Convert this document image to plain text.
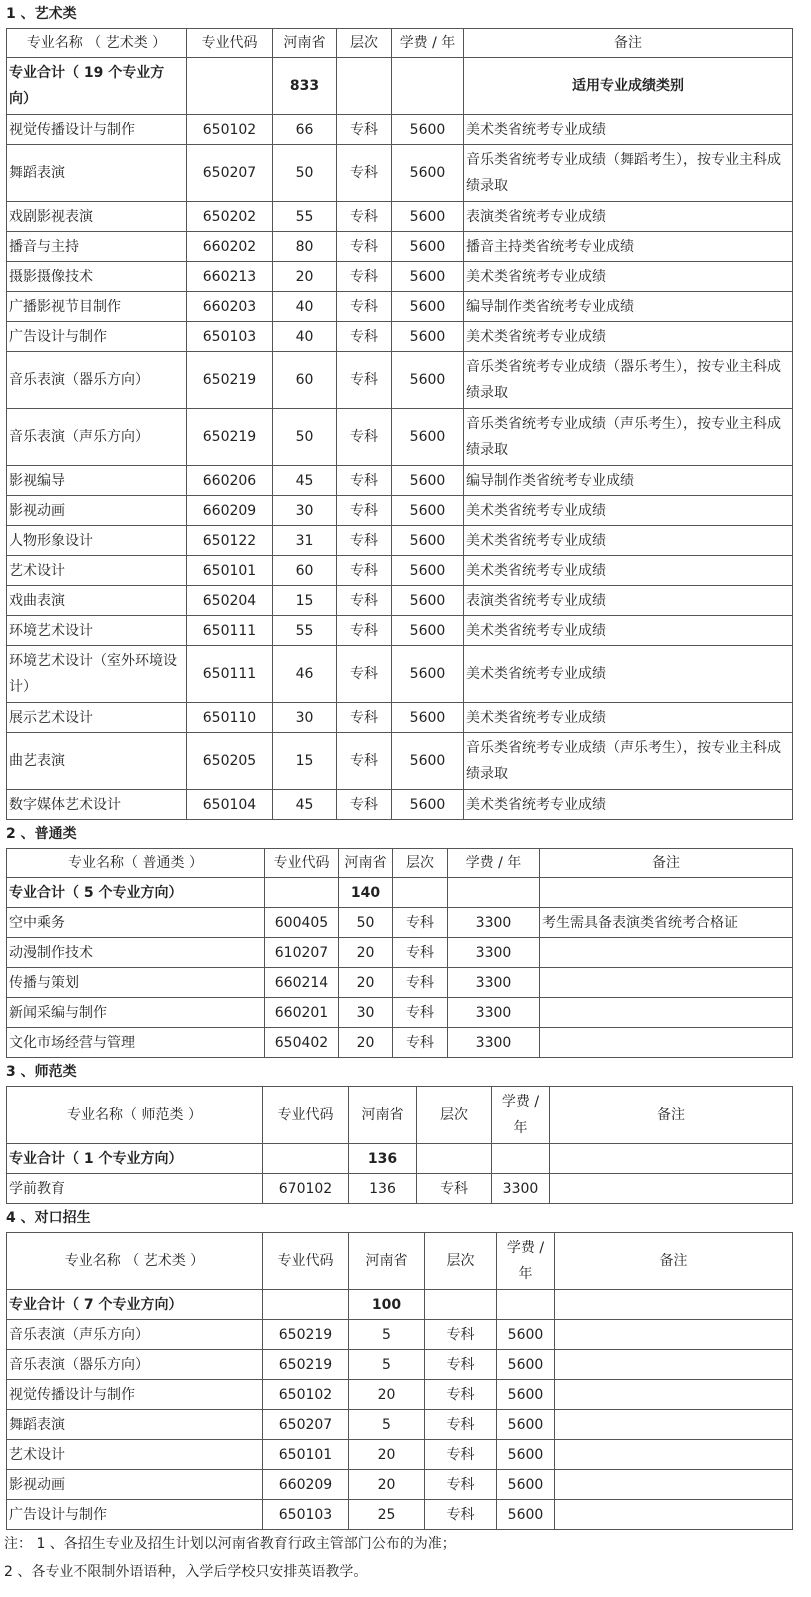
1 、艺术类
专业名称 （ 艺术类 ）	专业代码	河南省	层次	学费 / 年	备注
专业合计（ 19 个专业方向）		833			适用专业成绩类别
视觉传播设计与制作	650102	66	专科	5600	美术类省统考专业成绩
舞蹈表演	650207	50	专科	5600	音乐类省统考专业成绩（舞蹈考生），按专业主科成绩录取
戏剧影视表演	650202	55	专科	5600	表演类省统考专业成绩
播音与主持	660202	80	专科	5600	播音主持类省统考专业成绩
摄影摄像技术	660213	20	专科	5600	美术类省统考专业成绩
广播影视节目制作	660203	40	专科	5600	编导制作类省统考专业成绩
广告设计与制作	650103	40	专科	5600	美术类省统考专业成绩
音乐表演（器乐方向）	650219	60	专科	5600	音乐类省统考专业成绩（器乐考生），按专业主科成绩录取
音乐表演（声乐方向）	650219	50	专科	5600	音乐类省统考专业成绩（声乐考生），按专业主科成绩录取
影视编导	660206	45	专科	5600	编导制作类省统考专业成绩
影视动画	660209	30	专科	5600	美术类省统考专业成绩
人物形象设计	650122	31	专科	5600	美术类省统考专业成绩
艺术设计	650101	60	专科	5600	美术类省统考专业成绩
戏曲表演	650204	15	专科	5600	表演类省统考专业成绩
环境艺术设计	650111	55	专科	5600	美术类省统考专业成绩
环境艺术设计（室外环境设计）	650111	46	专科	5600	美术类省统考专业成绩
展示艺术设计	650110	30	专科	5600	美术类省统考专业成绩
曲艺表演	650205	15	专科	5600	音乐类省统考专业成绩（声乐考生），按专业主科成绩录取
数字媒体艺术设计	650104	45	专科	5600	美术类省统考专业成绩
2 、普通类
专业名称（ 普通类 ）	专业代码	河南省	层次	学费 / 年	备注
专业合计（ 5 个专业方向）		140			
空中乘务	600405	50	专科	3300	考生需具备表演类省统考合格证
动漫制作技术	610207	20	专科	3300	
传播与策划	660214	20	专科	3300	
新闻采编与制作	660201	30	专科	3300	
文化市场经营与管理	650402	20	专科	3300	
3 、师范类
专业名称（ 师范类 ）	专业代码	河南省	层次	学费 / 年	备注
专业合计（ 1 个专业方向）		136			
学前教育	670102	136	专科	3300	
4 、对口招生
专业名称 （ 艺术类 ）	专业代码	河南省	层次	学费 / 年	备注
专业合计（ 7 个专业方向）		100			
音乐表演（声乐方向）	650219	5	专科	5600	
音乐表演（器乐方向）	650219	5	专科	5600	
视觉传播设计与制作	650102	20	专科	5600	
舞蹈表演	650207	5	专科	5600	
艺术设计	650101	20	专科	5600	
影视动画	660209	20	专科	5600	
广告设计与制作	650103	25	专科	5600	
注： 1 、各招生专业及招生计划以河南省教育行政主管部门公布的为准；
2 、各专业不限制外语语种，入学后学校只安排英语教学。
